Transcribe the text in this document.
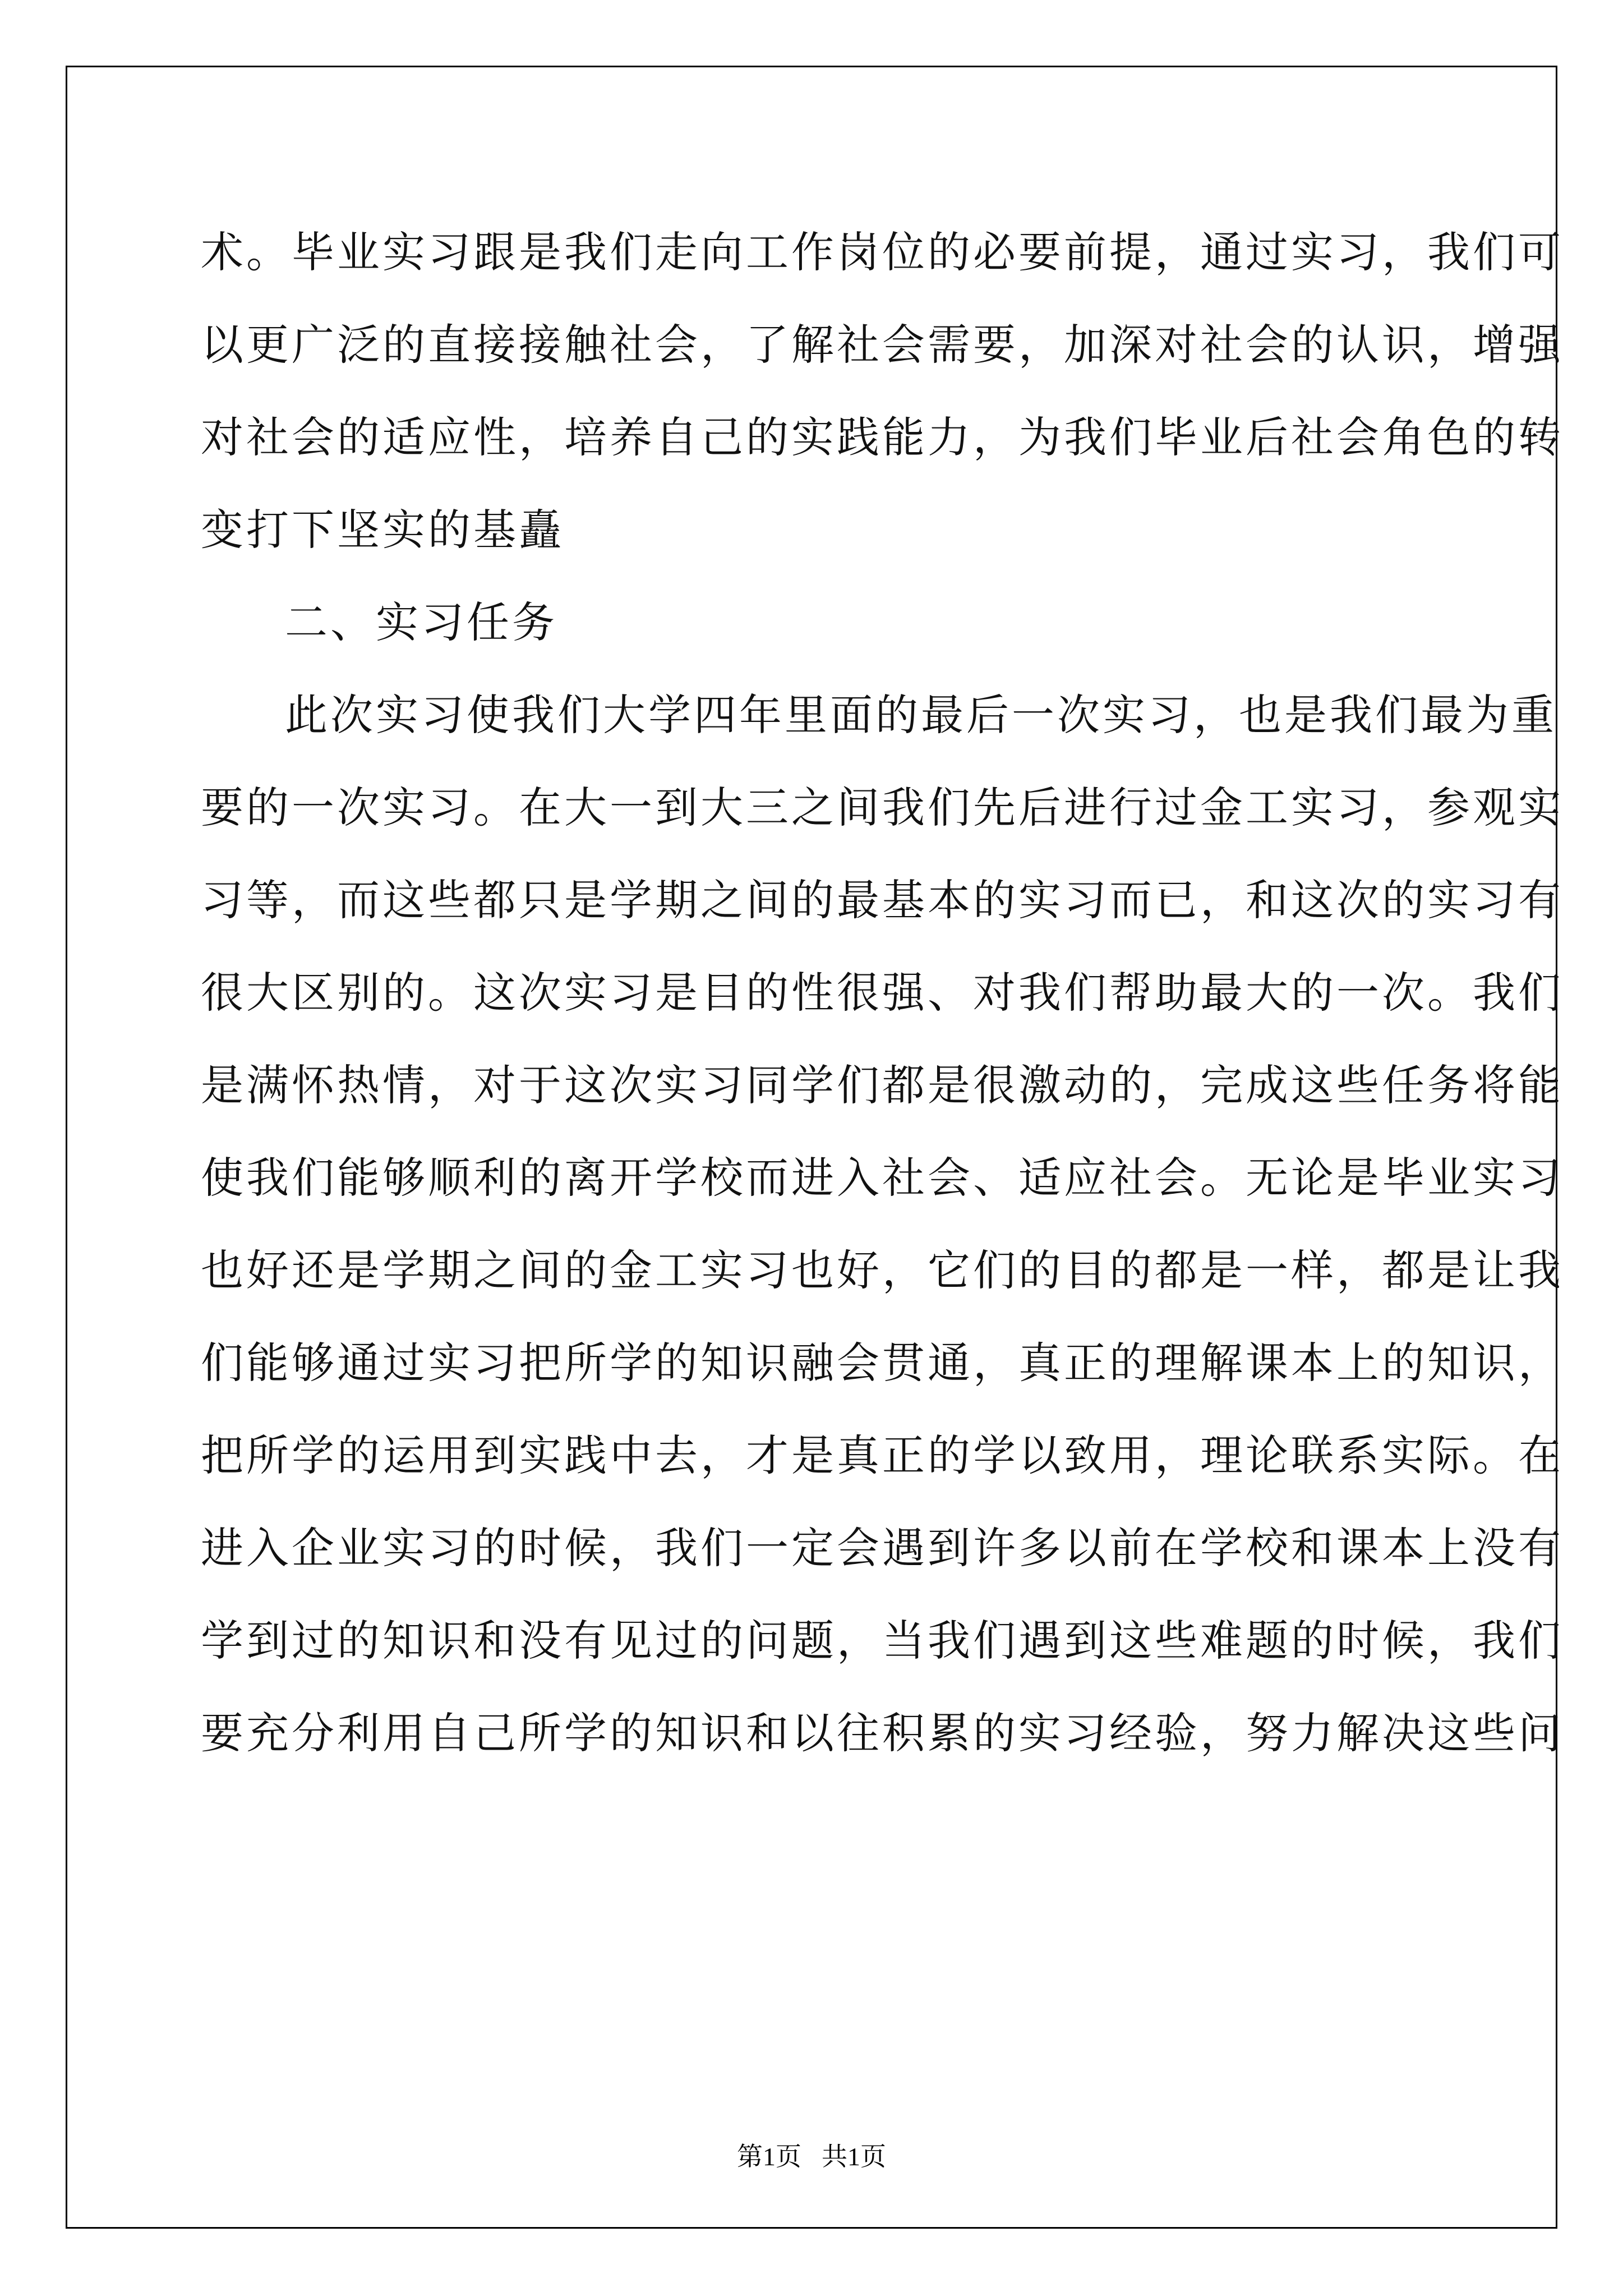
术。毕业实习跟是我们走向工作岗位的必要前提，通过实习，我们可
以更广泛的直接接触社会，了解社会需要，加深对社会的认识，增强
对社会的适应性，培养自己的实践能力，为我们毕业后社会角色的转
变打下坚实的基矗
二、实习任务
此次实习使我们大学四年里面的最后一次实习，也是我们最为重
要的一次实习。在大一到大三之间我们先后进行过金工实习，参观实
习等，而这些都只是学期之间的最基本的实习而已，和这次的实习有
很大区别的。这次实习是目的性很强、对我们帮助最大的一次。我们
是满怀热情，对于这次实习同学们都是很激动的，完成这些任务将能
使我们能够顺利的离开学校而进入社会、适应社会。无论是毕业实习
也好还是学期之间的金工实习也好，它们的目的都是一样，都是让我
们能够通过实习把所学的知识融会贯通，真正的理解课本上的知识，
把所学的运用到实践中去，才是真正的学以致用，理论联系实际。在
进入企业实习的时候，我们一定会遇到许多以前在学校和课本上没有
学到过的知识和没有见过的问题，当我们遇到这些难题的时候，我们
要充分利用自己所学的知识和以往积累的实习经验，努力解决这些问
第1页 共1页
